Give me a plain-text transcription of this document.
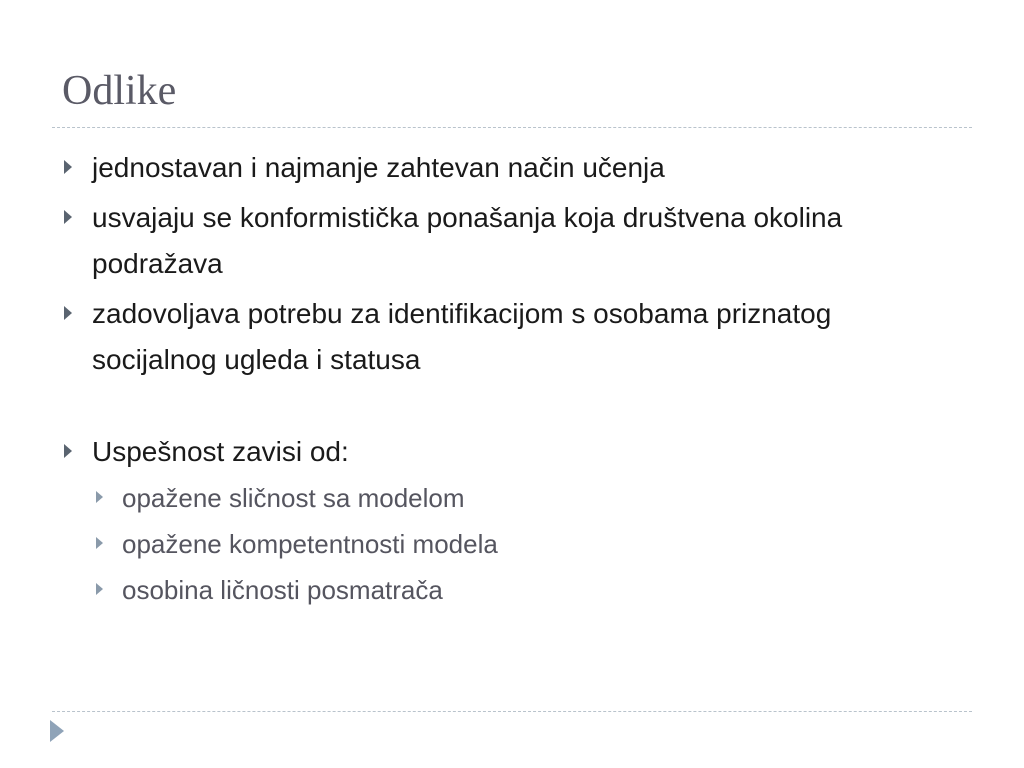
Odlike
jednostavan i najmanje zahtevan način učenja
usvajaju se konformistička ponašanja koja društvena okolina podražava
zadovoljava potrebu za identifikacijom s osobama priznatog socijalnog ugleda i statusa
Uspešnost zavisi od:
opažene sličnost sa modelom
opažene kompetentnosti modela
osobina ličnosti posmatrača
